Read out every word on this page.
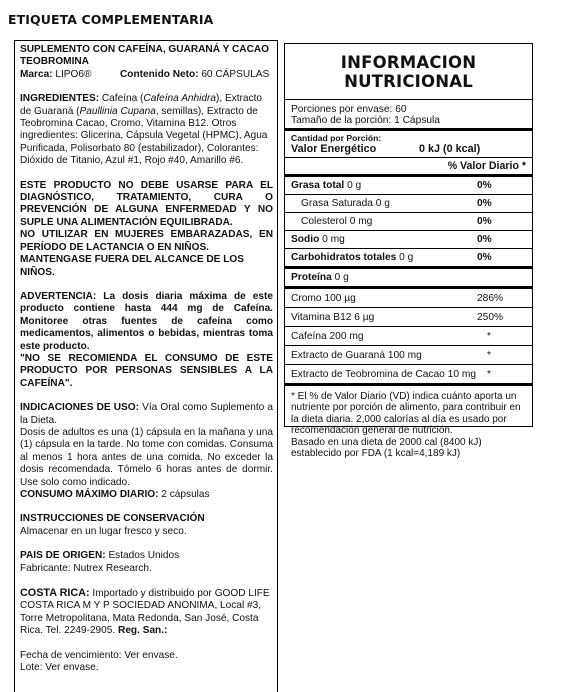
ETIQUETA COMPLEMENTARIA

SUPLEMENTO CON CAFEÍNA, GUARANÁ Y CACAO TEOBROMINA

Marca: LIPO6®	Contenido Neto: 60 CÁPSULAS

INGREDIENTES: Cafeína (Cafeína Anhidra), Extracto de Guaraná (Paullinia Cupana, semillas), Extracto de Teobromina Cacao, Cromo, Vitamina B12. Otros ingredientes: Glicerina, Cápsula Vegetal (HPMC), Agua Purificada, Polisorbato 80 (estabilizador), Colorantes: Dióxido de Titanio, Azul #1, Rojo #40, Amarillo #6.

ESTE PRODUCTO NO DEBE USARSE PARA EL DIAGNÓSTICO, TRATAMIENTO, CURA O PREVENCIÓN DE ALGUNA ENFERMEDAD Y NO SUPLE UNA ALIMENTACIÓN EQUILIBRADA.

NO UTILIZAR EN MUJERES EMBARAZADAS, EN PERÍODO DE LACTANCIA O EN NIÑOS.

MANTENGASE FUERA DEL ALCANCE DE LOS NIÑOS.

ADVERTENCIA: La dosis diaria máxima de este producto contiene hasta 444 mg de Cafeína. Monitoree otras fuentes de cafeína como medicamentos, alimentos o bebidas, mientras toma este producto.

"NO SE RECOMIENDA EL CONSUMO DE ESTE PRODUCTO POR PERSONAS SENSIBLES A LA CAFEÍNA".

INDICACIONES DE USO: Vía Oral como Suplemento a la Dieta.

Dosis de adultos es una (1) cápsula en la mañana y una (1) cápsula en la tarde. No tome con comidas. Consuma al menos 1 hora antes de una comida. No exceder la dosis recomendada. Tómelo 6 horas antes de dormir. Use solo como indicado.

CONSUMO MÁXIMO DIARIO: 2 cápsulas

INSTRUCCIONES DE CONSERVACIÓN

Almacenar en un lugar fresco y seco.

PAIS DE ORIGEN: Estados Unidos

Fabricante: Nutrex Research.

COSTA RICA: Importado y distribuido por GOOD LIFE COSTA RICA M Y P SOCIEDAD ANONIMA, Local #3, Torre Metropolitana, Mata Redonda, San José, Costa Rica. Tel. 2249-2905. Reg. San.:

Fecha de vencimiento: Ver envase.

Lote: Ver envase.

INFORMACION NUTRICIONAL

Porciones por envase: 60

Tamaño de la porción: 1 Cápsula

Cantidad por Porción:
Valor Energético	0 kJ (0 kcal)
% Valor Diario *
Grasa total 0 g	0%
Grasa Saturada 0 g	0%
Colesterol 0 mg	0%
Sodio 0 mg	0%
Carbohidratos totales 0 g	0%
Proteína 0 g
Cromo 100 µg	286%
Vitamina B12 6 µg	250%
Cafeína 200 mg	*
Extracto de Guaraná 100 mg	*
Extracto de Teobromina de Cacao 10 mg	*

* El % de Valor Diario (VD) indica cuánto aporta un nutriente por porción de alimento, para contribuir en la dieta diaria. 2,000 calorías al día es usado por recomendación general de nutrición.

Basado en una dieta de 2000 cal (8400 kJ) establecido por FDA (1 kcal=4,189 kJ)
